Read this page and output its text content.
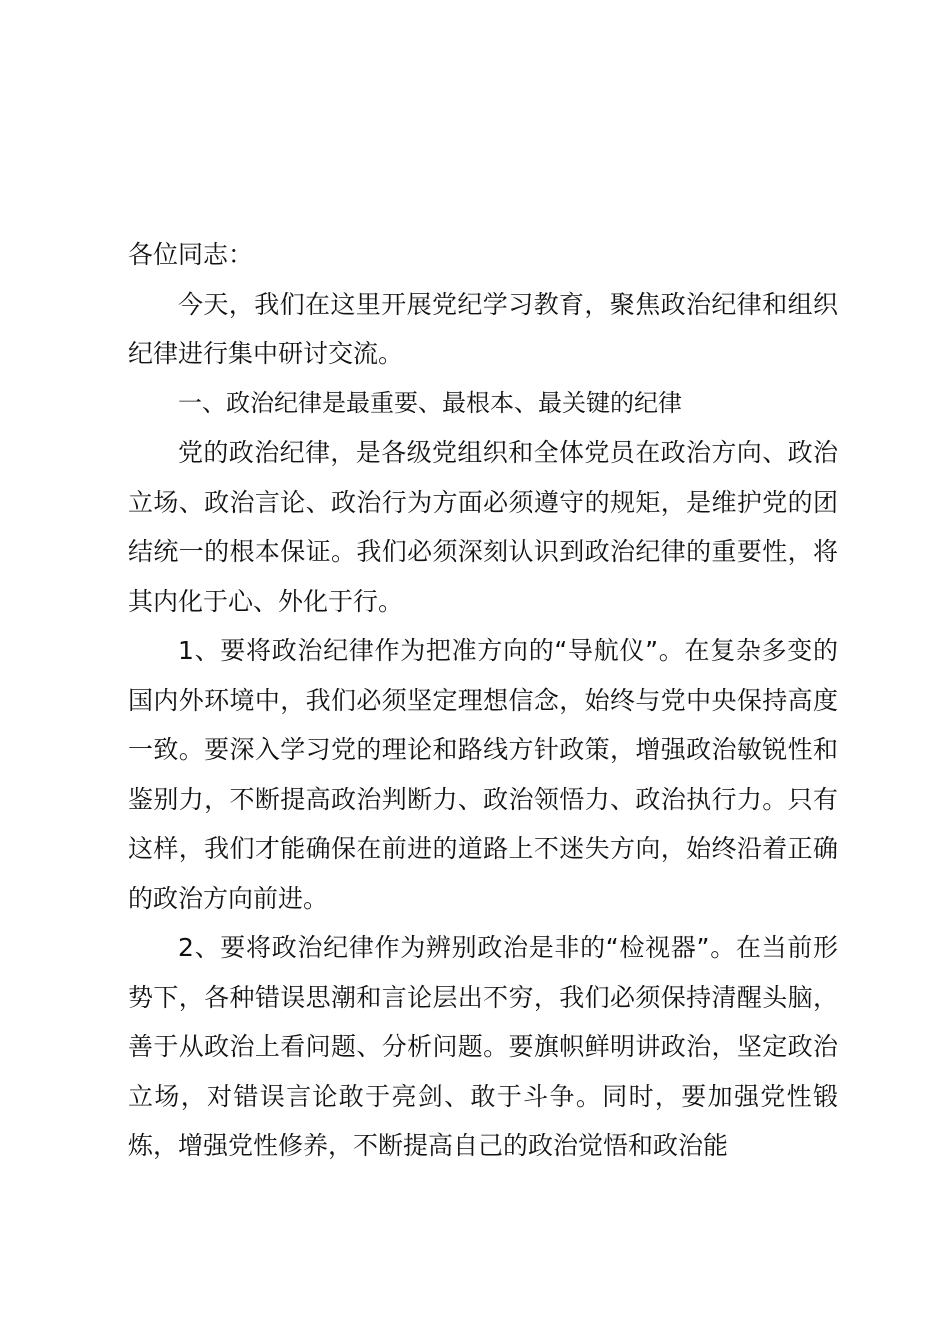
各位同志：

今天，我们在这里开展党纪学习教育，聚焦政治纪律和组织纪律进行集中研讨交流。

一、政治纪律是最重要、最根本、最关键的纪律

党的政治纪律，是各级党组织和全体党员在政治方向、政治立场、政治言论、政治行为方面必须遵守的规矩，是维护党的团结统一的根本保证。我们必须深刻认识到政治纪律的重要性，将其内化于心、外化于行。

1、要将政治纪律作为把准方向的“导航仪”。在复杂多变的国内外环境中，我们必须坚定理想信念，始终与党中央保持高度一致。要深入学习党的理论和路线方针政策，增强政治敏锐性和鉴别力，不断提高政治判断力、政治领悟力、政治执行力。只有这样，我们才能确保在前进的道路上不迷失方向，始终沿着正确的政治方向前进。

2、要将政治纪律作为辨别政治是非的“检视器”。在当前形势下，各种错误思潮和言论层出不穷，我们必须保持清醒头脑，善于从政治上看问题、分析问题。要旗帜鲜明讲政治，坚定政治立场，对错误言论敢于亮剑、敢于斗争。同时，要加强党性锻炼，增强党性修养，不断提高自己的政治觉悟和政治能
